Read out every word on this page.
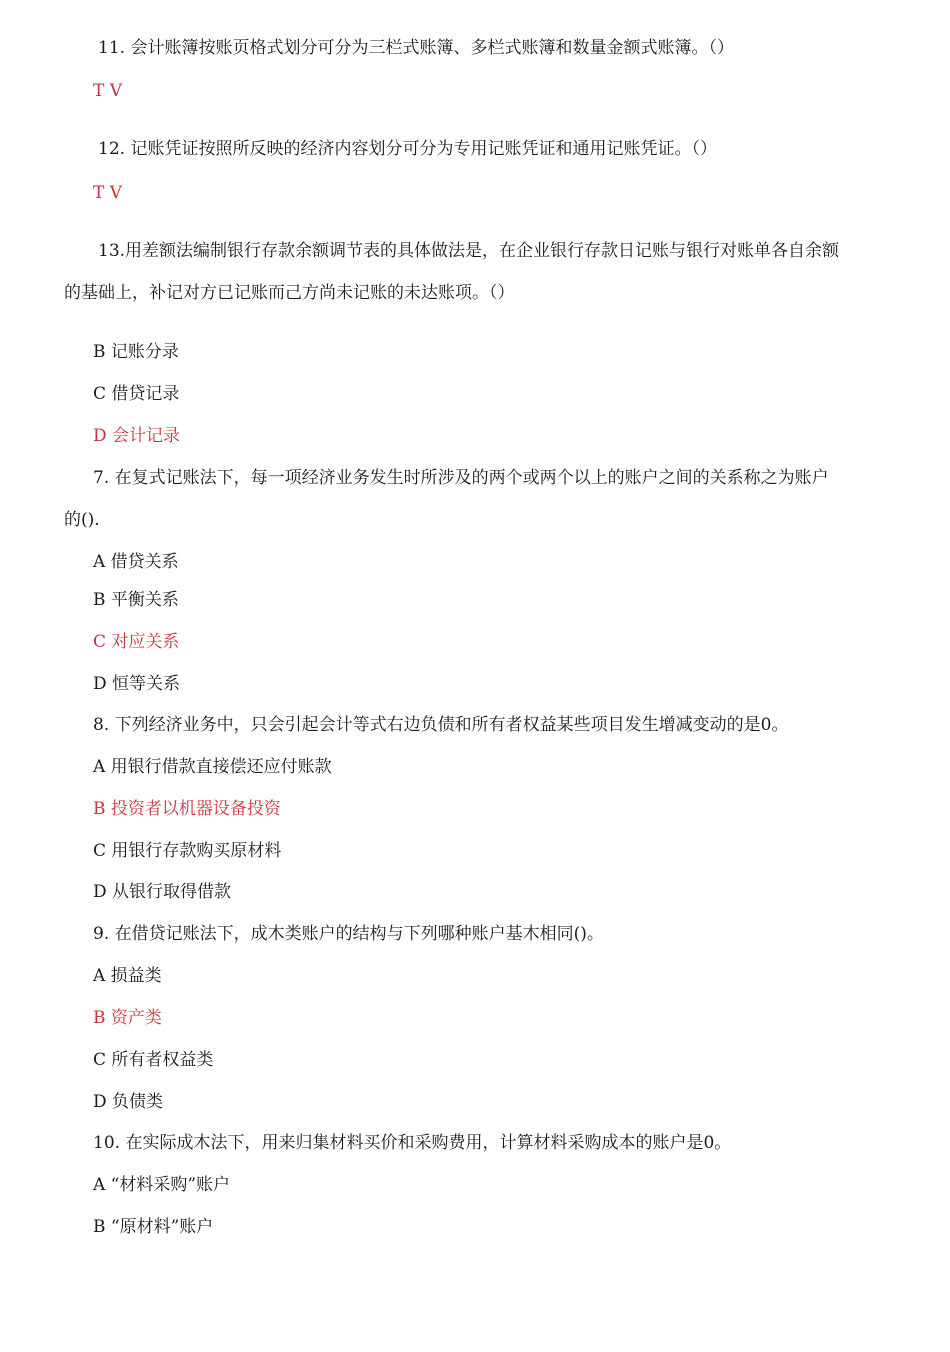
11. 会计账簿按账页格式划分可分为三栏式账簿、多栏式账簿和数量金额式账簿。（）
T V
12. 记账凭证按照所反映的经济内容划分可分为专用记账凭证和通用记账凭证。（）
T V
13.用差额法编制银行存款余额调节表的具体做法是，在企业银行存款日记账与银行对账单各自余额
的基础上，补记对方已记账而己方尚未记账的未达账项。（）
B 记账分录
C 借贷记录
D 会计记录
7. 在复式记账法下，每一项经济业务发生时所涉及的两个或两个以上的账户之间的关系称之为账户
的().
A 借贷关系
B 平衡关系
C 对应关系
D 恒等关系
8. 下列经济业务中，只会引起会计等式右边负债和所有者权益某些项目发生增减变动的是0。
A 用银行借款直接偿还应付账款
B 投资者以机器设备投资
C 用银行存款购买原材料
D 从银行取得借款
9. 在借贷记账法下，成木类账户的结构与下列哪种账户基木相同()。
A 损益类
B 资产类
C 所有者权益类
D 负债类
10. 在实际成木法下，用来归集材料买价和采购费用，计算材料采购成本的账户是0。
A “材料采购”账户
B “原材料”账户
